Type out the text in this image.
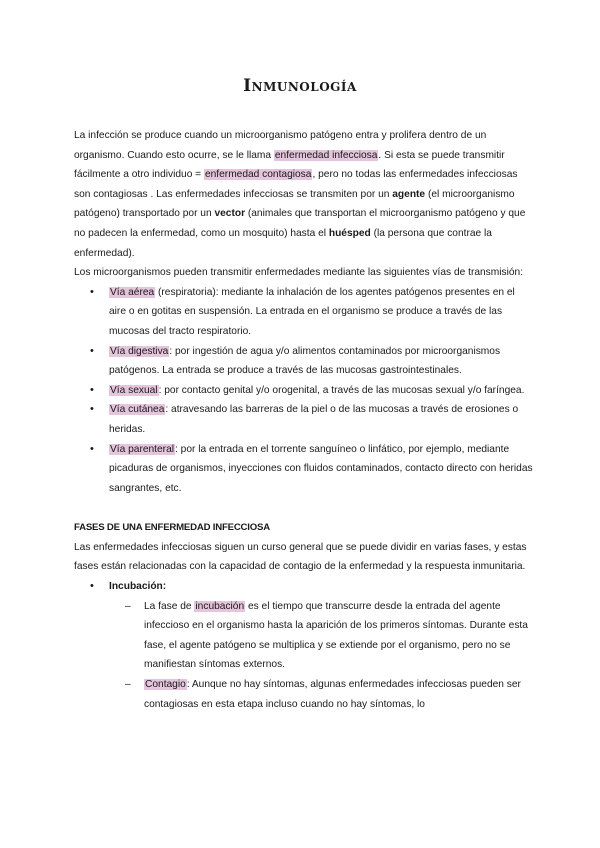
Inmunología

La infección se produce cuando un microorganismo patógeno entra y prolifera dentro de un organismo. Cuando esto ocurre, se le llama enfermedad infecciosa. Si esta se puede transmitir fácilmente a otro individuo = enfermedad contagiosa, pero no todas las enfermedades infecciosas son contagiosas . Las enfermedades infecciosas se transmiten por un agente (el microorganismo patógeno) transportado por un vector (animales que transportan el microorganismo patógeno y que no padecen la enfermedad, como un mosquito) hasta el huésped (la persona que contrae la enfermedad).

Los microorganismos pueden transmitir enfermedades mediante las siguientes vías de transmisión:

• Vía aérea (respiratoria): mediante la inhalación de los agentes patógenos presentes en el aire o en gotitas en suspensión. La entrada en el organismo se produce a través de las mucosas del tracto respiratorio.
• Vía digestiva: por ingestión de agua y/o alimentos contaminados por microorganismos patógenos. La entrada se produce a través de las mucosas gastrointestinales.
• Vía sexual: por contacto genital y/o orogenital, a través de las mucosas sexual y/o faríngea.
• Vía cutánea: atravesando las barreras de la piel o de las mucosas a través de erosiones o heridas.
• Vía parenteral: por la entrada en el torrente sanguíneo o linfático, por ejemplo, mediante picaduras de organismos, inyecciones con fluidos contaminados, contacto directo con heridas sangrantes, etc.

FASES DE UNA ENFERMEDAD INFECCIOSA

Las enfermedades infecciosas siguen un curso general que se puede dividir en varias fases, y estas fases están relacionadas con la capacidad de contagio de la enfermedad y la respuesta inmunitaria.

• Incubación:
– La fase de incubación es el tiempo que transcurre desde la entrada del agente infeccioso en el organismo hasta la aparición de los primeros síntomas. Durante esta fase, el agente patógeno se multiplica y se extiende por el organismo, pero no se manifiestan síntomas externos.
– Contagio: Aunque no hay síntomas, algunas enfermedades infecciosas pueden ser contagiosas en esta etapa incluso cuando no hay síntomas, lo
